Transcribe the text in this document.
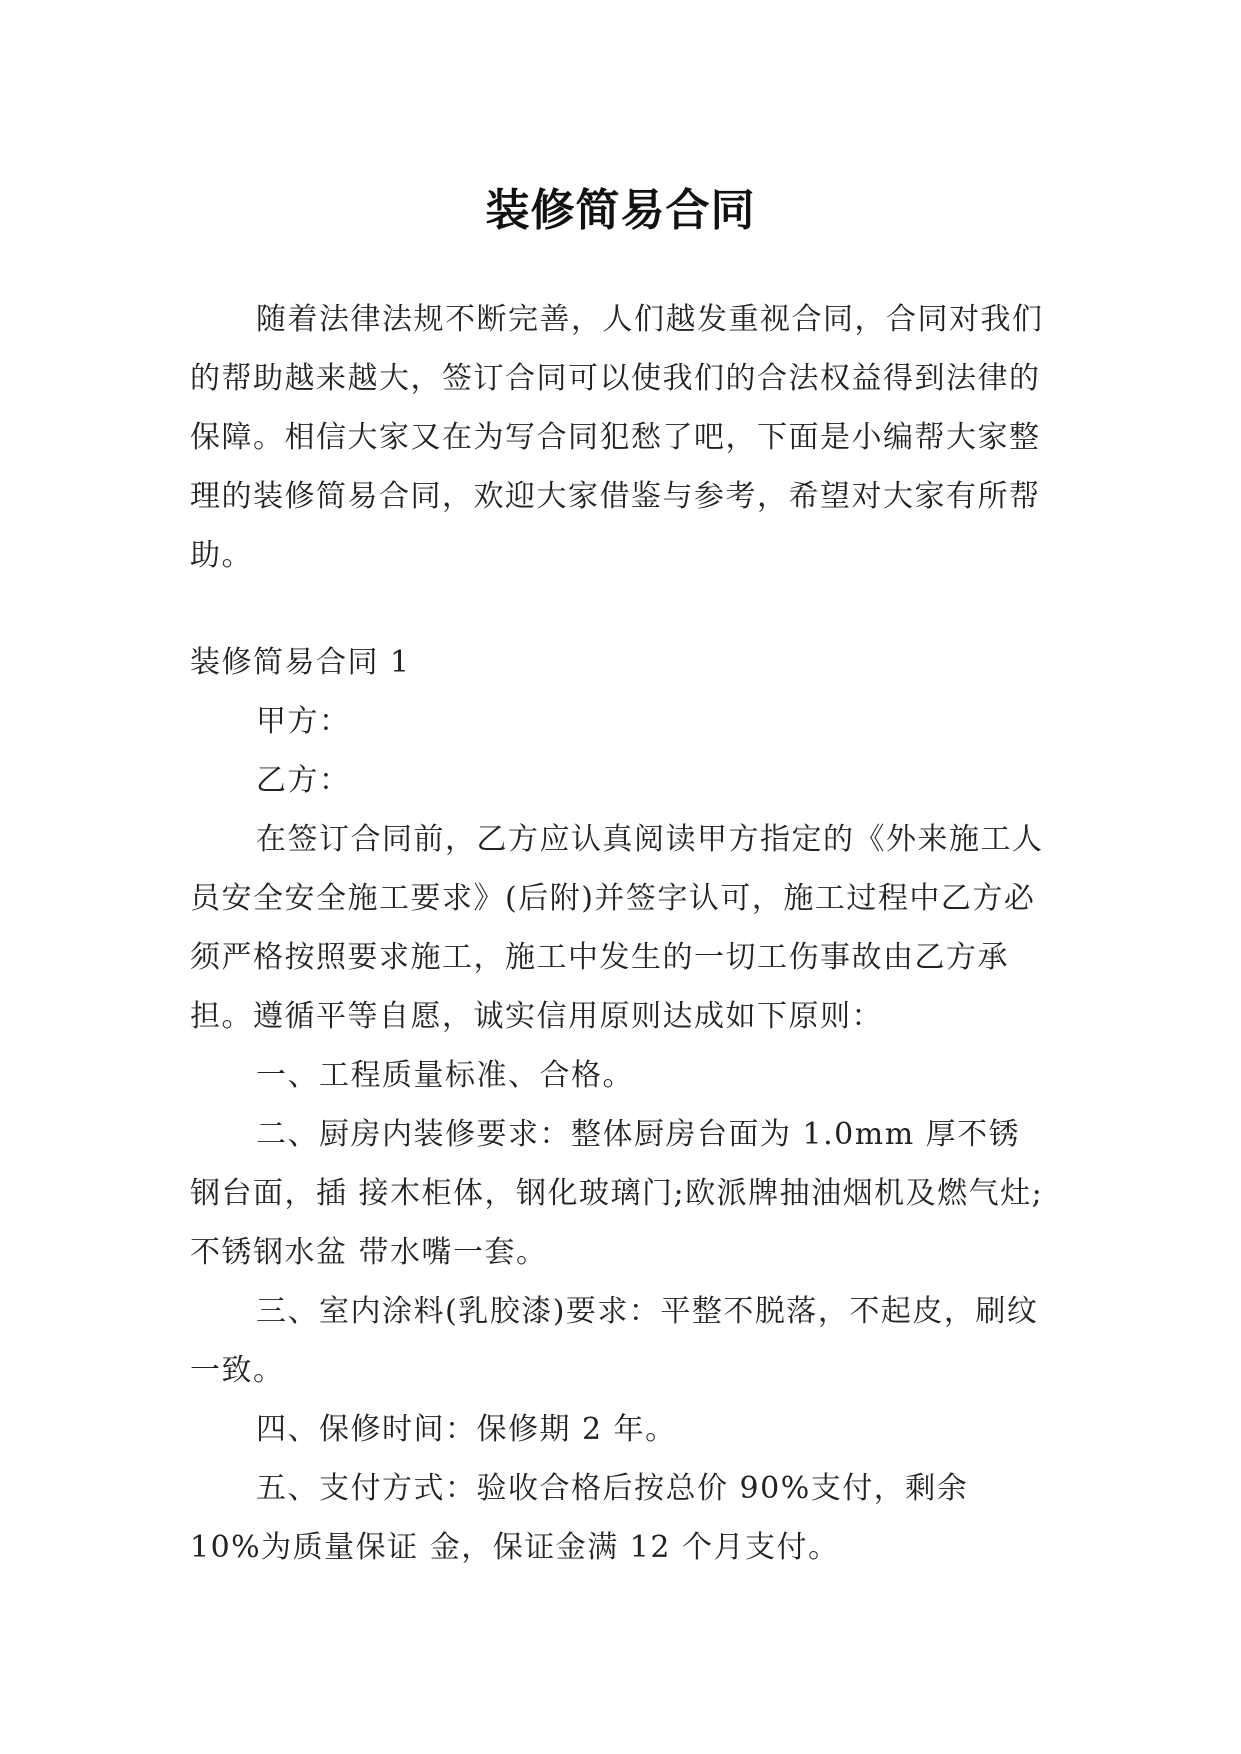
装修简易合同

随着法律法规不断完善，人们越发重视合同，合同对我们的帮助越来越大，签订合同可以使我们的合法权益得到法律的保障。相信大家又在为写合同犯愁了吧，下面是小编帮大家整理的装修简易合同，欢迎大家借鉴与参考，希望对大家有所帮助。

装修简易合同 1

甲方：

乙方：

在签订合同前，乙方应认真阅读甲方指定的《外来施工人员安全安全施工要求》(后附)并签字认可，施工过程中乙方必须严格按照要求施工，施工中发生的一切工伤事故由乙方承担。遵循平等自愿，诚实信用原则达成如下原则：

一、工程质量标准、合格。

二、厨房内装修要求：整体厨房台面为 1.0mm 厚不锈钢台面，插 接木柜体，钢化玻璃门;欧派牌抽油烟机及燃气灶;不锈钢水盆 带水嘴一套。

三、室内涂料(乳胶漆)要求：平整不脱落，不起皮，刷纹一致。

四、保修时间：保修期 2 年。

五、支付方式：验收合格后按总价 90%支付，剩余 10%为质量保证 金，保证金满 12 个月支付。
